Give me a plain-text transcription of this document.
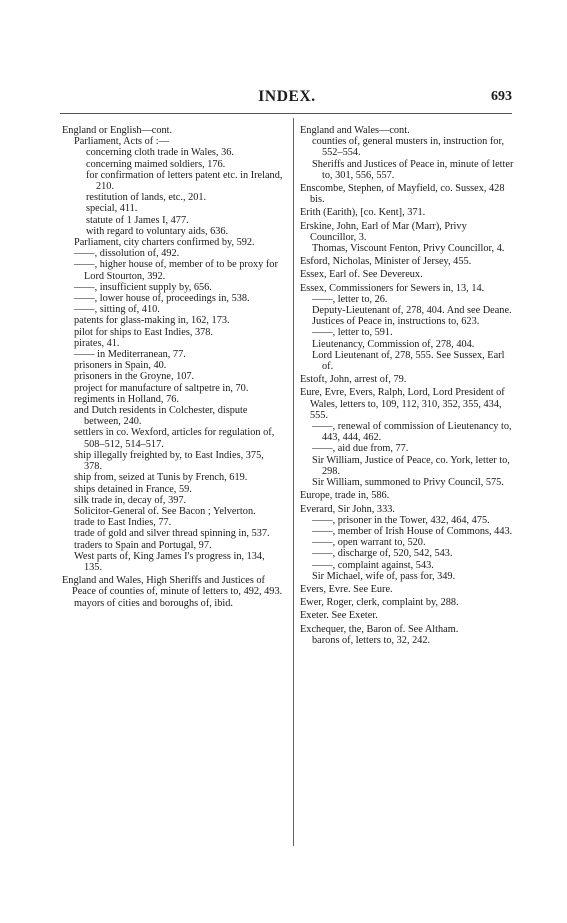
INDEX.	693

England or English—cont.

Parliament, Acts of :—

concerning cloth trade in Wales, 36.

concerning maimed soldiers, 176.

for confirmation of letters patent etc. in Ireland, 210.

restitution of lands, etc., 201.

special, 411.

statute of 1 James I, 477.

with regard to voluntary aids, 636.

Parliament, city charters confirmed by, 592.

——, dissolution of, 492.

——, higher house of, member of to be proxy for Lord Stourton, 392.

——, insufficient supply by, 656.

——, lower house of, proceedings in, 538.

——, sitting of, 410.

patents for glass-making in, 162, 173.

pilot for ships to East Indies, 378.

pirates, 41.

—— in Mediterranean, 77.

prisoners in Spain, 40.

prisoners in the Groyne, 107.

project for manufacture of saltpetre in, 70.

regiments in Holland, 76.

and Dutch residents in Colchester, dispute between, 240.

settlers in co. Wexford, articles for regulation of, 508–512, 514–517.

ship illegally freighted by, to East Indies, 375, 378.

ship from, seized at Tunis by French, 619.

ships detained in France, 59.

silk trade in, decay of, 397.

Solicitor-General of. See Bacon ; Yelverton.

trade to East Indies, 77.

trade of gold and silver thread spinning in, 537.

traders to Spain and Portugal, 97.

West parts of, King James I's progress in, 134, 135.

England and Wales, High Sheriffs and Justices of Peace of counties of, minute of letters to, 492, 493.

mayors of cities and boroughs of, ibid.

England and Wales—cont.

counties of, general musters in, instruction for, 552–554.

Sheriffs and Justices of Peace in, minute of letter to, 301, 556, 557.

Enscombe, Stephen, of Mayfield, co. Sussex, 428 bis.

Erith (Earith), [co. Kent], 371.

Erskine, John, Earl of Mar (Marr), Privy Councillor, 3.

Thomas, Viscount Fenton, Privy Councillor, 4.

Esford, Nicholas, Minister of Jersey, 455.

Essex, Earl of. See Devereux.

Essex, Commissioners for Sewers in, 13, 14.

——, letter to, 26.

Deputy-Lieutenant of, 278, 404. And see Deane.

Justices of Peace in, instructions to, 623.

——, letter to, 591.

Lieutenancy, Commission of, 278, 404.

Lord Lieutenant of, 278, 555. See Sussex, Earl of.

Estoft, John, arrest of, 79.

Eure, Evre, Evers, Ralph, Lord, Lord President of Wales, letters to, 109, 112, 310, 352, 355, 434, 555.

——, renewal of commission of Lieutenancy to, 443, 444, 462.

——, aid due from, 77.

Sir William, Justice of Peace, co. York, letter to, 298.

Sir William, summoned to Privy Council, 575.

Europe, trade in, 586.

Everard, Sir John, 333.

——, prisoner in the Tower, 432, 464, 475.

——, member of Irish House of Commons, 443.

——, open warrant to, 520.

——, discharge of, 520, 542, 543.

——, complaint against, 543.

Sir Michael, wife of, pass for, 349.

Evers, Evre. See Eure.

Ewer, Roger, clerk, complaint by, 288.

Exeter. See Exeter.

Exchequer, the, Baron of. See Altham.

barons of, letters to, 32, 242.
